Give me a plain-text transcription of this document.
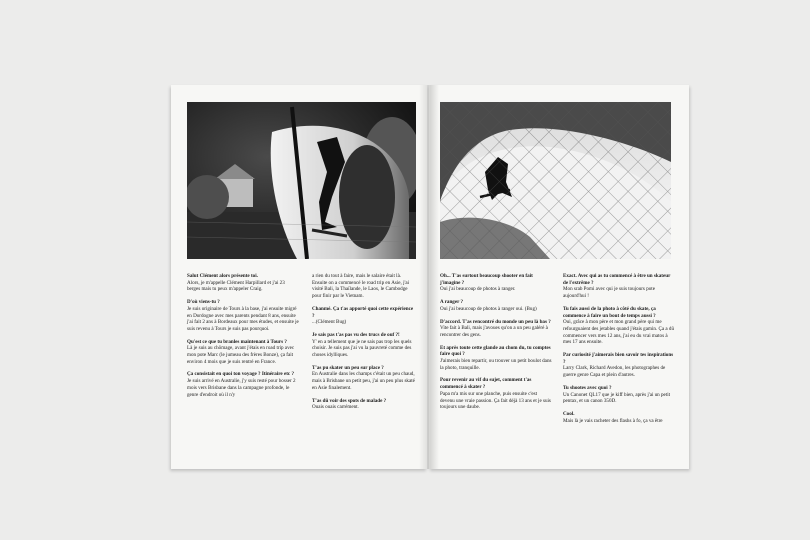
Salut Clément alors présente toi.

Alors, je m'appelle Clément Harpillard et j'ai 23 berges mais tu peux m'appeler Craig.

D'où viens-tu ?

Je suis originaire de Tours à la base, j'ai ensuite migré en Dordogne avec mes parents pendant 8 ans, ensuite j'ai fait 2 ans à Bordeaux pour mes études, et ensuite je suis revenu à Tours je suis pas pourquoi.

Qu'est ce que tu branles maintenant à Tours ?

Là je suis au chômage, avant j'étais en road trip avec mon pote Marc (le jumeau des frères Bonze), ça fait environ 4 mois que je suis rentré en France.

Ça consistait en quoi ton voyage ? Itinéraire etc ?

Je suis arrivé en Australie, j'y suis resté pour bosser 2 mois vers Brisbane dans la campagne profonde, le genre d'endroit où il n'y

a rien du tout à faire, mais le salaire était là. Ensuite on a commencé le road trip en Asie, j'ai visité Bali, la Thaïlande, le Laos, le Cambodge pour finir par le Vietnam.

Chanmé. Ça t'as apporté quoi cette expérience ?

...(Clément Bug)

Je sais pas t'as pas vu des trucs de ouf ?!

Y' en a tellement que je ne sais pas trop les quels choisir. Je suis pas j'ai vu la pauvreté comme des choses idylliques.

T'as pu skater un peu sur place ?

En Australie dans les champs c'était un peu chaud, mais à Brisbane un petit peu, j'ai un peu plus skaté en Asie finalement.

T'as dû voir des spots de malade ?

Ouais ouais carrément.

Oh... T'as surtout beaucoup shooter en fait j'imagine ?

Oui j'ai beaucoup de photos à ranger.

A ranger ?

Oui j'ai beaucoup de photos à ranger oui. (Bug)

D'accord. T'as rencontré du monde un peu là bas ?

Vite fait à Bali, mais j'avoues qu'on a un peu galéré à rencontrer des gens.

Et après toute cette glande au chom du, tu comptes faire quoi ?

J'aimerais bien repartir, ou trouver un petit boulot dans la photo, tranquille.

Pour revenir au vif du sujet, comment t'as commencé à skater ?

Papa m'a mis sur une planche, puis ensuite c'est devenu une vraie passion. Ça fait déjà 13 ans et je suis toujours une daube.

Exact. Avec qui as tu commencé à être un skateur de l'extrême ?

Mon srab Pomi avec qui je suis toujours pote aujourd'hui !

Tu fais aussi de la photo à côté du skate, ça commence à faire un bout de temps aussi ?

Oui, grâce à mon père et mon grand père qui me refourguaient des jetables quand j'étais gamin. Ça a dû commencer vers mes 12 ans, j'ai eu du vrai matos à mes 17 ans ensuite.

Par curiosité j'aimerais bien savoir tes inspirations ?

Larry Clark, Richard Avedon, les photographes de guerre genre Capa et plein d'autres.

Tu shootes avec quoi ?

Un Canonet QL17 que je kiff bien, après j'ai un petit pentax, et un canon 350D.

Cool.

Mais là je vais racheter des flashs à fo, ça va être
